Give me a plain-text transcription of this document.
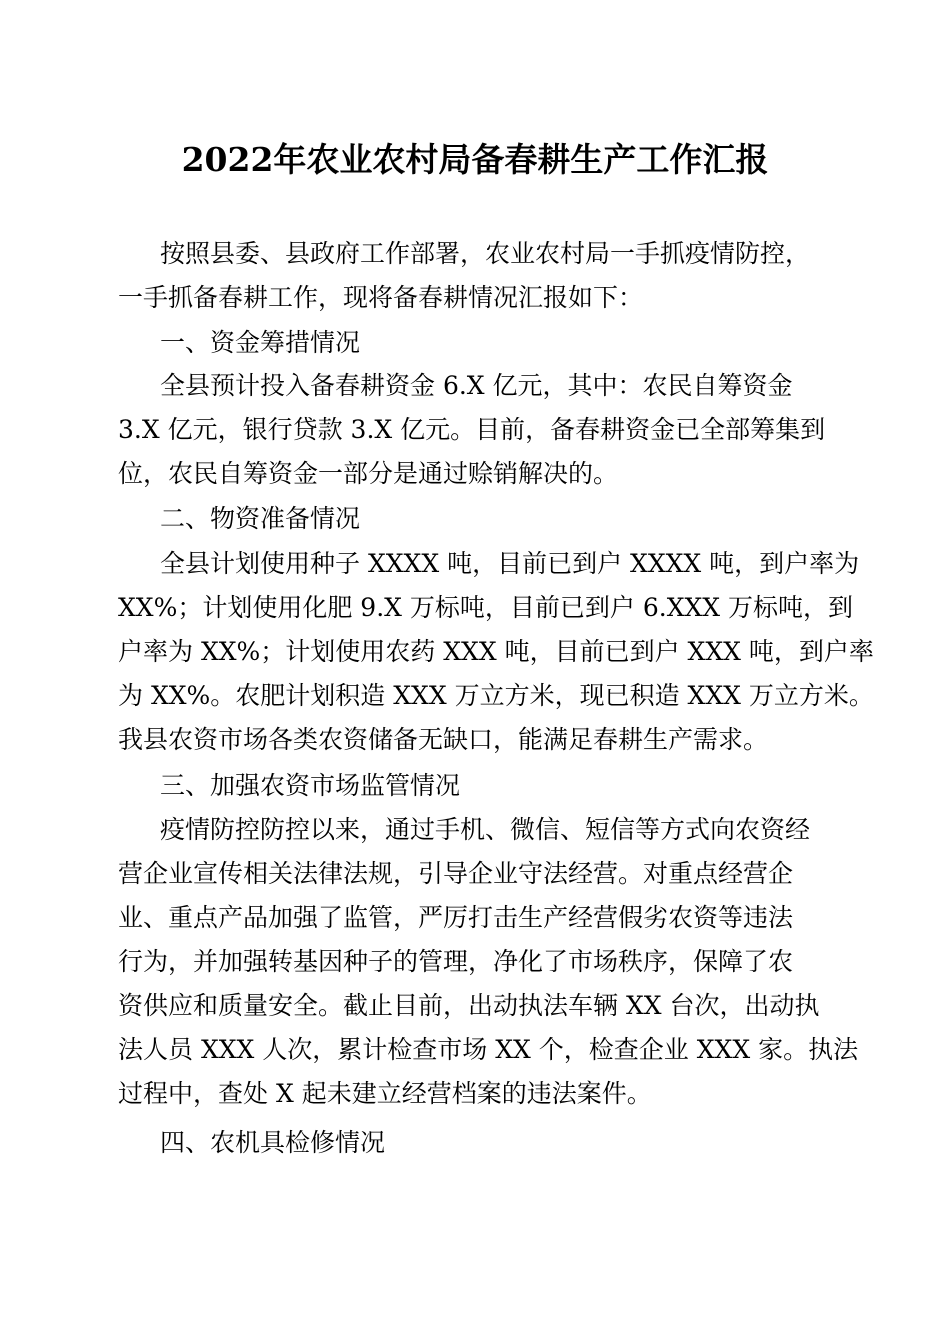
2022年农业农村局备春耕生产工作汇报

按照县委、县政府工作部署，农业农村局一手抓疫情防控，

一手抓备春耕工作，现将备春耕情况汇报如下：

一、资金筹措情况

全县预计投入备春耕资金 6.X 亿元，其中：农民自筹资金

3.X 亿元，银行贷款 3.X 亿元。目前，备春耕资金已全部筹集到

位，农民自筹资金一部分是通过赊销解决的。

二、物资准备情况

全县计划使用种子 XXXX 吨，目前已到户 XXXX 吨，到户率为

XX%；计划使用化肥 9.X 万标吨，目前已到户 6.XXX 万标吨，到

户率为 XX%；计划使用农药 XXX 吨，目前已到户 XXX 吨，到户率

为 XX%。农肥计划积造 XXX 万立方米，现已积造 XXX 万立方米。

我县农资市场各类农资储备无缺口，能满足春耕生产需求。

三、加强农资市场监管情况

疫情防控防控以来，通过手机、微信、短信等方式向农资经

营企业宣传相关法律法规，引导企业守法经营。对重点经营企

业、重点产品加强了监管，严厉打击生产经营假劣农资等违法

行为，并加强转基因种子的管理，净化了市场秩序，保障了农

资供应和质量安全。截止目前，出动执法车辆 XX 台次，出动执

法人员 XXX 人次，累计检查市场 XX 个，检查企业 XXX 家。执法

过程中，查处 X 起未建立经营档案的违法案件。

四、农机具检修情况
